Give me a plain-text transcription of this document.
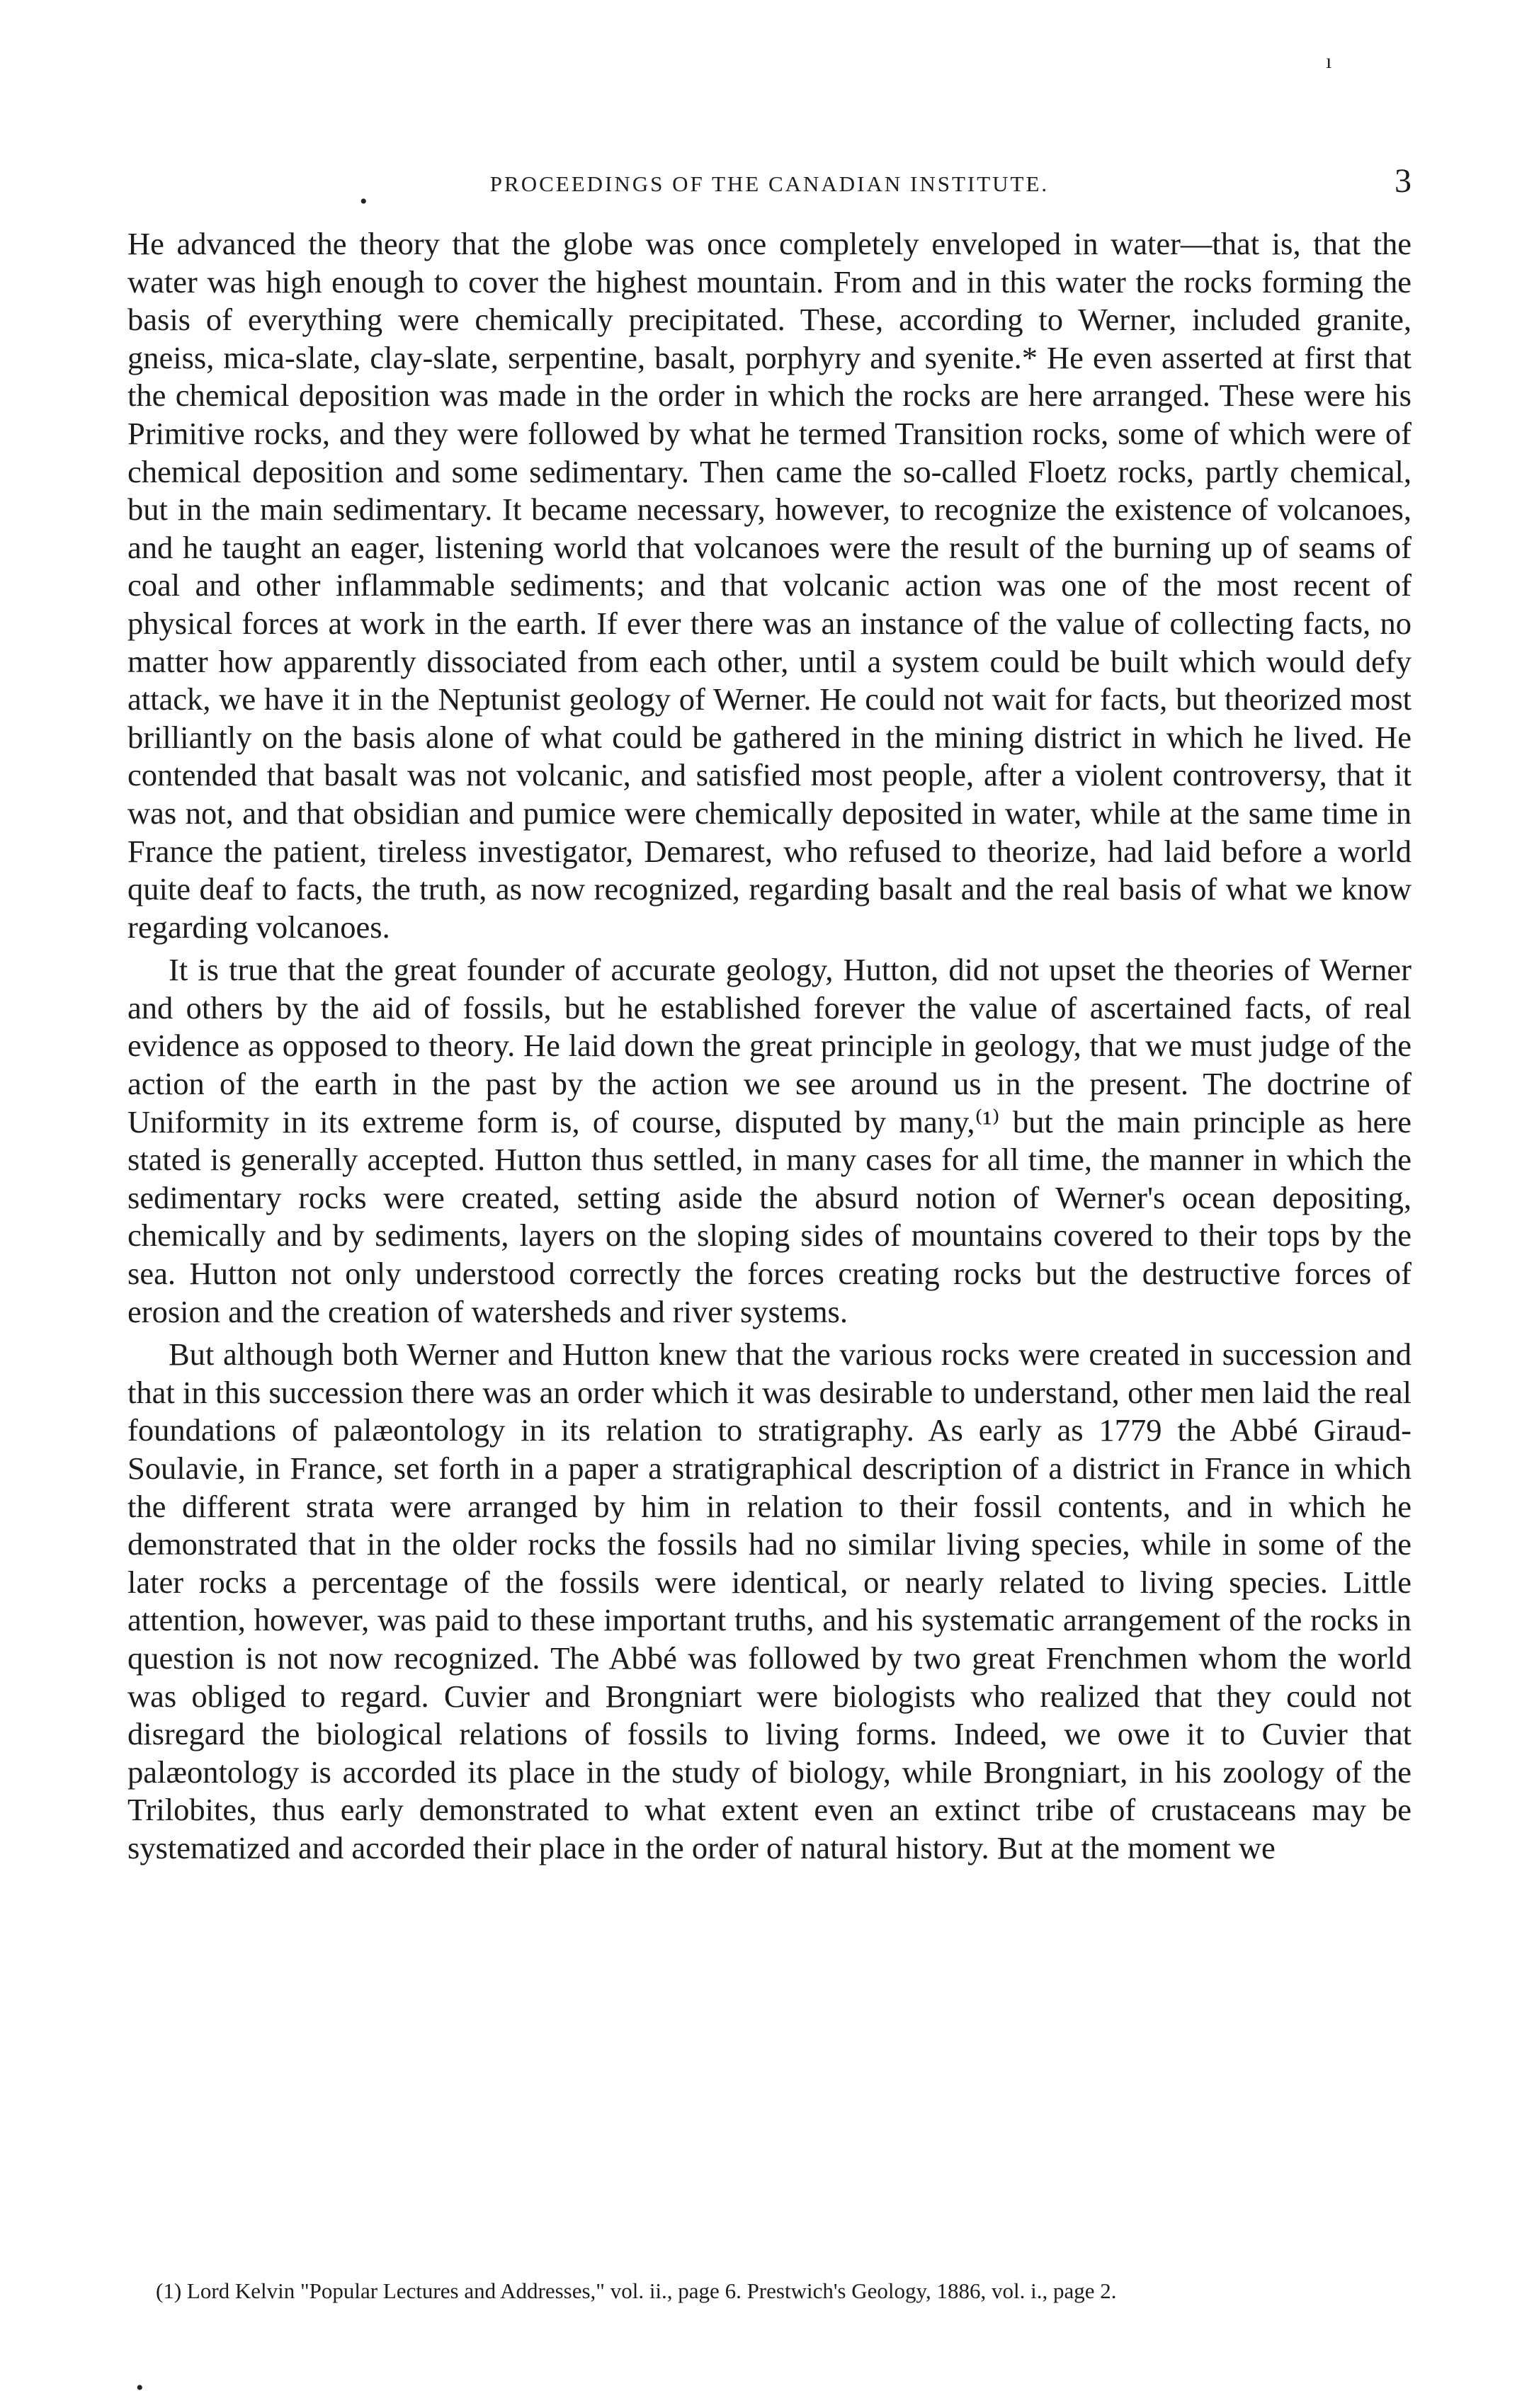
PROCEEDINGS OF THE CANADIAN INSTITUTE.	3
ı
•
•

He advanced the theory that the globe was once completely enveloped in water—that is, that the water was high enough to cover the highest mountain. From and in this water the rocks forming the basis of everything were chemically precipitated. These, according to Werner, included granite, gneiss, mica-slate, clay-slate, serpentine, basalt, porphyry and syenite.* He even asserted at first that the chemical deposition was made in the order in which the rocks are here arranged. These were his Primitive rocks, and they were followed by what he termed Transition rocks, some of which were of chemical deposition and some sedimentary. Then came the so-called Floetz rocks, partly chemical, but in the main sedimentary. It became necessary, however, to recognize the existence of volcanoes, and he taught an eager, listening world that volcanoes were the result of the burning up of seams of coal and other inflammable sediments; and that volcanic action was one of the most recent of physical forces at work in the earth. If ever there was an instance of the value of collecting facts, no matter how apparently dissociated from each other, until a system could be built which would defy attack, we have it in the Neptunist geology of Werner. He could not wait for facts, but theorized most brilliantly on the basis alone of what could be gathered in the mining district in which he lived. He contended that basalt was not volcanic, and satisfied most people, after a violent controversy, that it was not, and that obsidian and pumice were chemically deposited in water, while at the same time in France the patient, tireless investigator, Demarest, who refused to theorize, had laid before a world quite deaf to facts, the truth, as now recognized, regarding basalt and the real basis of what we know regarding volcanoes.

It is true that the great founder of accurate geology, Hutton, did not upset the theories of Werner and others by the aid of fossils, but he established forever the value of ascertained facts, of real evidence as opposed to theory. He laid down the great principle in geology, that we must judge of the action of the earth in the past by the action we see around us in the present. The doctrine of Uniformity in its extreme form is, of course, disputed by many,⁽¹⁾ but the main principle as here stated is generally accepted. Hutton thus settled, in many cases for all time, the manner in which the sedimentary rocks were created, setting aside the absurd notion of Werner's ocean depositing, chemically and by sediments, layers on the sloping sides of mountains covered to their tops by the sea. Hutton not only understood correctly the forces creating rocks but the destructive forces of erosion and the creation of watersheds and river systems.

But although both Werner and Hutton knew that the various rocks were created in succession and that in this succession there was an order which it was desirable to understand, other men laid the real foundations of palæontology in its relation to stratigraphy. As early as 1779 the Abbé Giraud-Soulavie, in France, set forth in a paper a stratigraphical description of a district in France in which the different strata were arranged by him in relation to their fossil contents, and in which he demonstrated that in the older rocks the fossils had no similar living species, while in some of the later rocks a percentage of the fossils were identical, or nearly related to living species. Little attention, however, was paid to these important truths, and his systematic arrangement of the rocks in question is not now recognized. The Abbé was followed by two great Frenchmen whom the world was obliged to regard. Cuvier and Brongniart were biologists who realized that they could not disregard the biological relations of fossils to living forms. Indeed, we owe it to Cuvier that palæontology is accorded its place in the study of biology, while Brongniart, in his zoology of the Trilobites, thus early demonstrated to what extent even an extinct tribe of crustaceans may be systematized and accorded their place in the order of natural history. But at the moment we

(1) Lord Kelvin "Popular Lectures and Addresses," vol. ii., page 6. Prestwich's Geology, 1886, vol. i., page 2.
